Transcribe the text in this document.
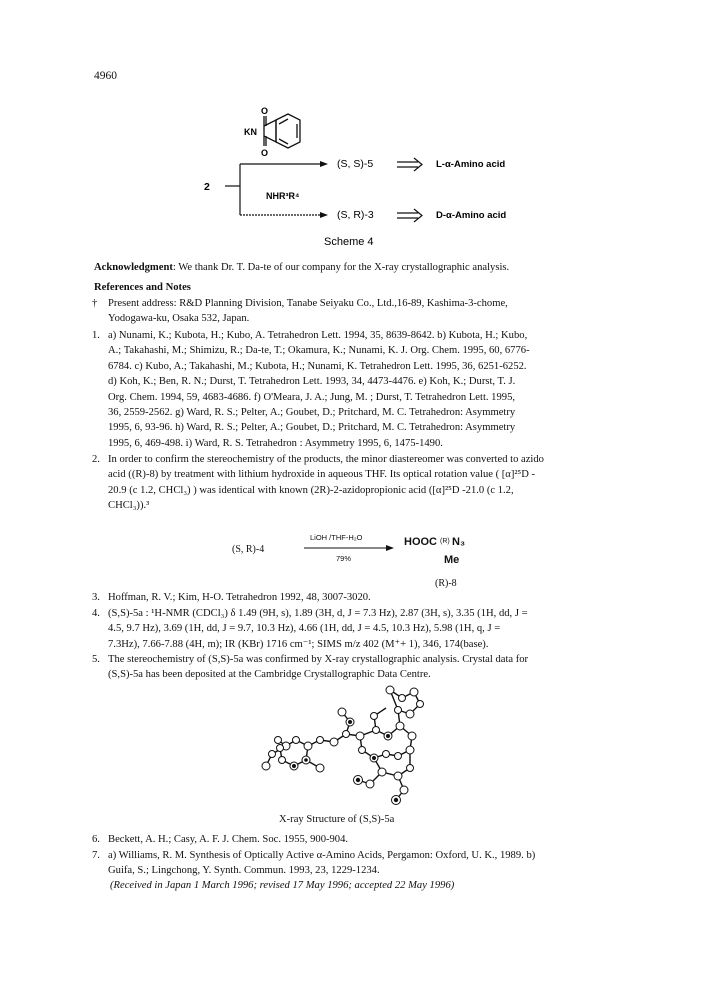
4960
O
O
KN
2
NHR³R⁴
(S, S)-5	L-α-Amino acid
(S, R)-3	D-α-Amino acid
Scheme 4
Acknowledgment: We thank Dr. T. Da-te of our company for the X-ray crystallographic analysis.
References and Notes
† Present address: R&D Planning Division, Tanabe Seiyaku Co., Ltd.,16-89, Kashima-3-chome,
Yodogawa-ku, Osaka 532, Japan.
1. a) Nunami, K.; Kubota, H.; Kubo, A. Tetrahedron Lett. 1994, 35, 8639-8642. b) Kubota, H.; Kubo,
A.; Takahashi, M.; Shimizu, R.; Da-te, T.; Okamura, K.; Nunami, K. J. Org. Chem. 1995, 60, 6776-
6784. c) Kubo, A.; Takahashi, M.; Kubota, H.; Nunami, K. Tetrahedron Lett. 1995, 36, 6251-6252.
d) Koh, K.; Ben, R. N.; Durst, T. Tetrahedron Lett. 1993, 34, 4473-4476. e) Koh, K.; Durst, T. J.
Org. Chem. 1994, 59, 4683-4686. f) O'Meara, J. A.; Jung, M. ; Durst, T. Tetrahedron Lett. 1995,
36, 2559-2562. g) Ward, R. S.; Pelter, A.; Goubet, D.; Pritchard, M. C. Tetrahedron: Asymmetry
1995, 6, 93-96. h) Ward, R. S.; Pelter, A.; Goubet, D.; Pritchard, M. C. Tetrahedron: Asymmetry
1995, 6, 469-498. i) Ward, R. S. Tetrahedron : Asymmetry 1995, 6, 1475-1490.
2. In order to confirm the stereochemistry of the products, the minor diastereomer was converted to azido
acid ((R)-8) by treatment with lithium hydroxide in aqueous THF. Its optical rotation value ( [α]²⁵D -
20.9 (c 1.2, CHCl₃) ) was identical with known (2R)-2-azidopropionic acid ([α]²⁵D -21.0 (c 1.2,
CHCl₃)).³
(S, R)-4
LiOH /THF-H₂O
79%
HOOC (R) N₃
Me
(R)-8
3. Hoffman, R. V.; Kim, H-O. Tetrahedron 1992, 48, 3007-3020.
4. (S,S)-5a : ¹H-NMR (CDCl₃) δ 1.49 (9H, s), 1.89 (3H, d, J = 7.3 Hz), 2.87 (3H, s), 3.35 (1H, dd, J =
4.5, 9.7 Hz), 3.69 (1H, dd, J = 9.7, 10.3 Hz), 4.66 (1H, dd, J = 4.5, 10.3 Hz), 5.98 (1H, q, J =
7.3Hz), 7.66-7.88 (4H, m); IR (KBr) 1716 cm⁻¹; SIMS m/z 402 (M⁺+ 1), 346, 174(base).
5. The stereochemistry of (S,S)-5a was confirmed by X-ray crystallographic analysis. Crystal data for
(S,S)-5a has been deposited at the Cambridge Crystallographic Data Centre.
X-ray Structure of (S,S)-5a
6. Beckett, A. H.; Casy, A. F. J. Chem. Soc. 1955, 900-904.
7. a) Williams, R. M. Synthesis of Optically Active α-Amino Acids, Pergamon: Oxford, U. K., 1989. b)
Guifa, S.; Lingchong, Y. Synth. Commun. 1993, 23, 1229-1234.
(Received in Japan 1 March 1996; revised 17 May 1996; accepted 22 May 1996)
